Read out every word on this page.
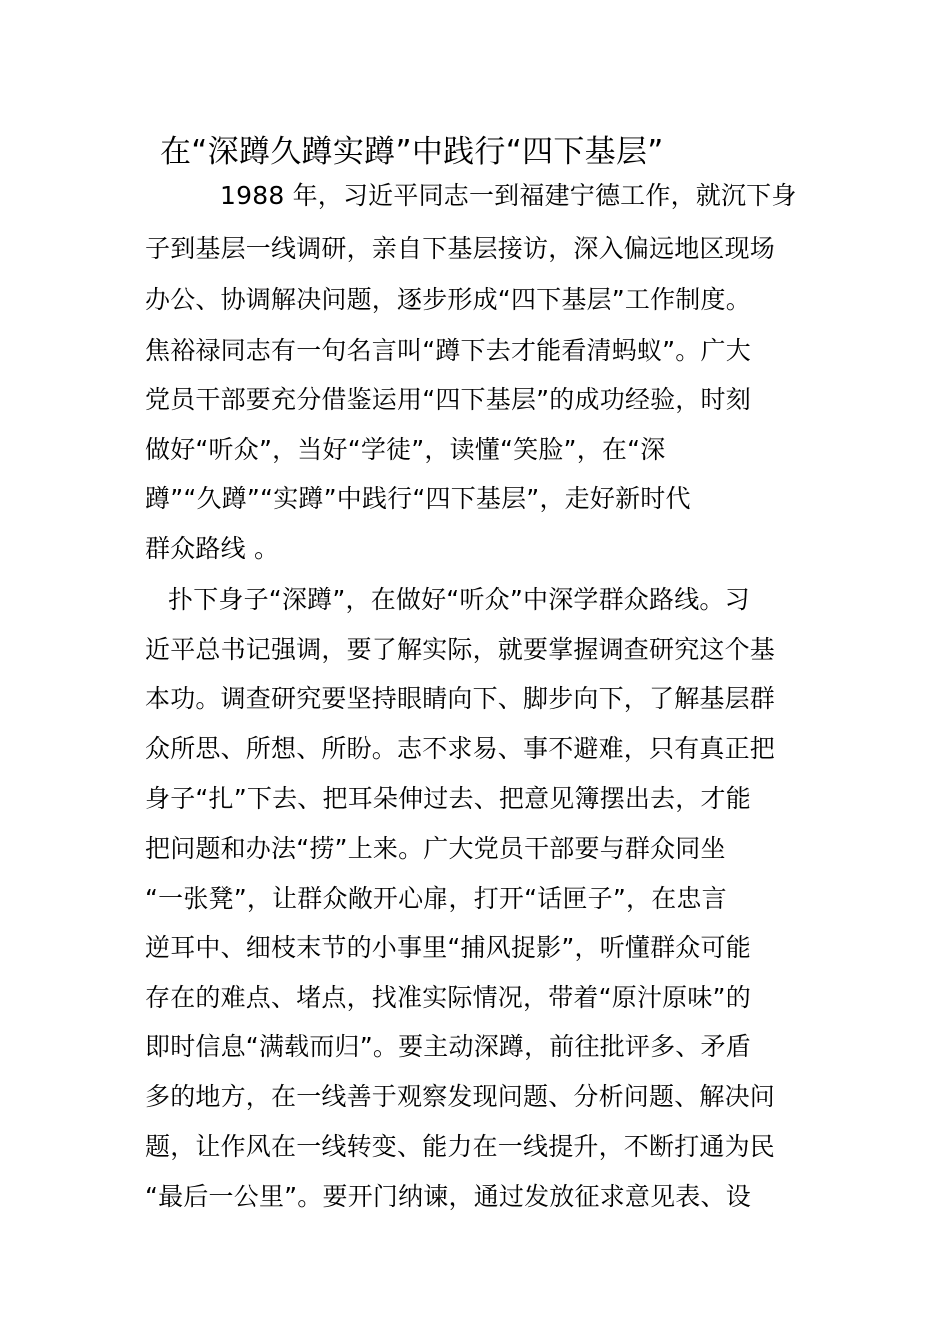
在“深蹲久蹲实蹲”中践行“四下基层”
1988 年，习近平同志一到福建宁德工作，就沉下身
子到基层一线调研，亲自下基层接访，深入偏远地区现场
办公、协调解决问题，逐步形成“四下基层”工作制度。
焦裕禄同志有一句名言叫“蹲下去才能看清蚂蚁”。广大
党员干部要充分借鉴运用“四下基层”的成功经验，时刻
做好“听众”，当好“学徒”，读懂“笑脸”，在“深
蹲”“久蹲”“实蹲”中践行“四下基层”，走好新时代
群众路线 。
扑下身子“深蹲”，在做好“听众”中深学群众路线。习
近平总书记强调，要了解实际，就要掌握调查研究这个基
本功。调查研究要坚持眼睛向下、脚步向下，了解基层群
众所思、所想、所盼。志不求易、事不避难，只有真正把
身子“扎”下去、把耳朵伸过去、把意见簿摆出去，才能
把问题和办法“捞”上来。广大党员干部要与群众同坐
“一张凳”，让群众敞开心扉，打开“话匣子”，在忠言
逆耳中、细枝末节的小事里“捕风捉影”，听懂群众可能
存在的难点、堵点，找准实际情况，带着“原汁原味”的
即时信息“满载而归”。要主动深蹲，前往批评多、矛盾
多的地方，在一线善于观察发现问题、分析问题、解决问
题，让作风在一线转变、能力在一线提升，不断打通为民
“最后一公里”。要开门纳谏，通过发放征求意见表、设
